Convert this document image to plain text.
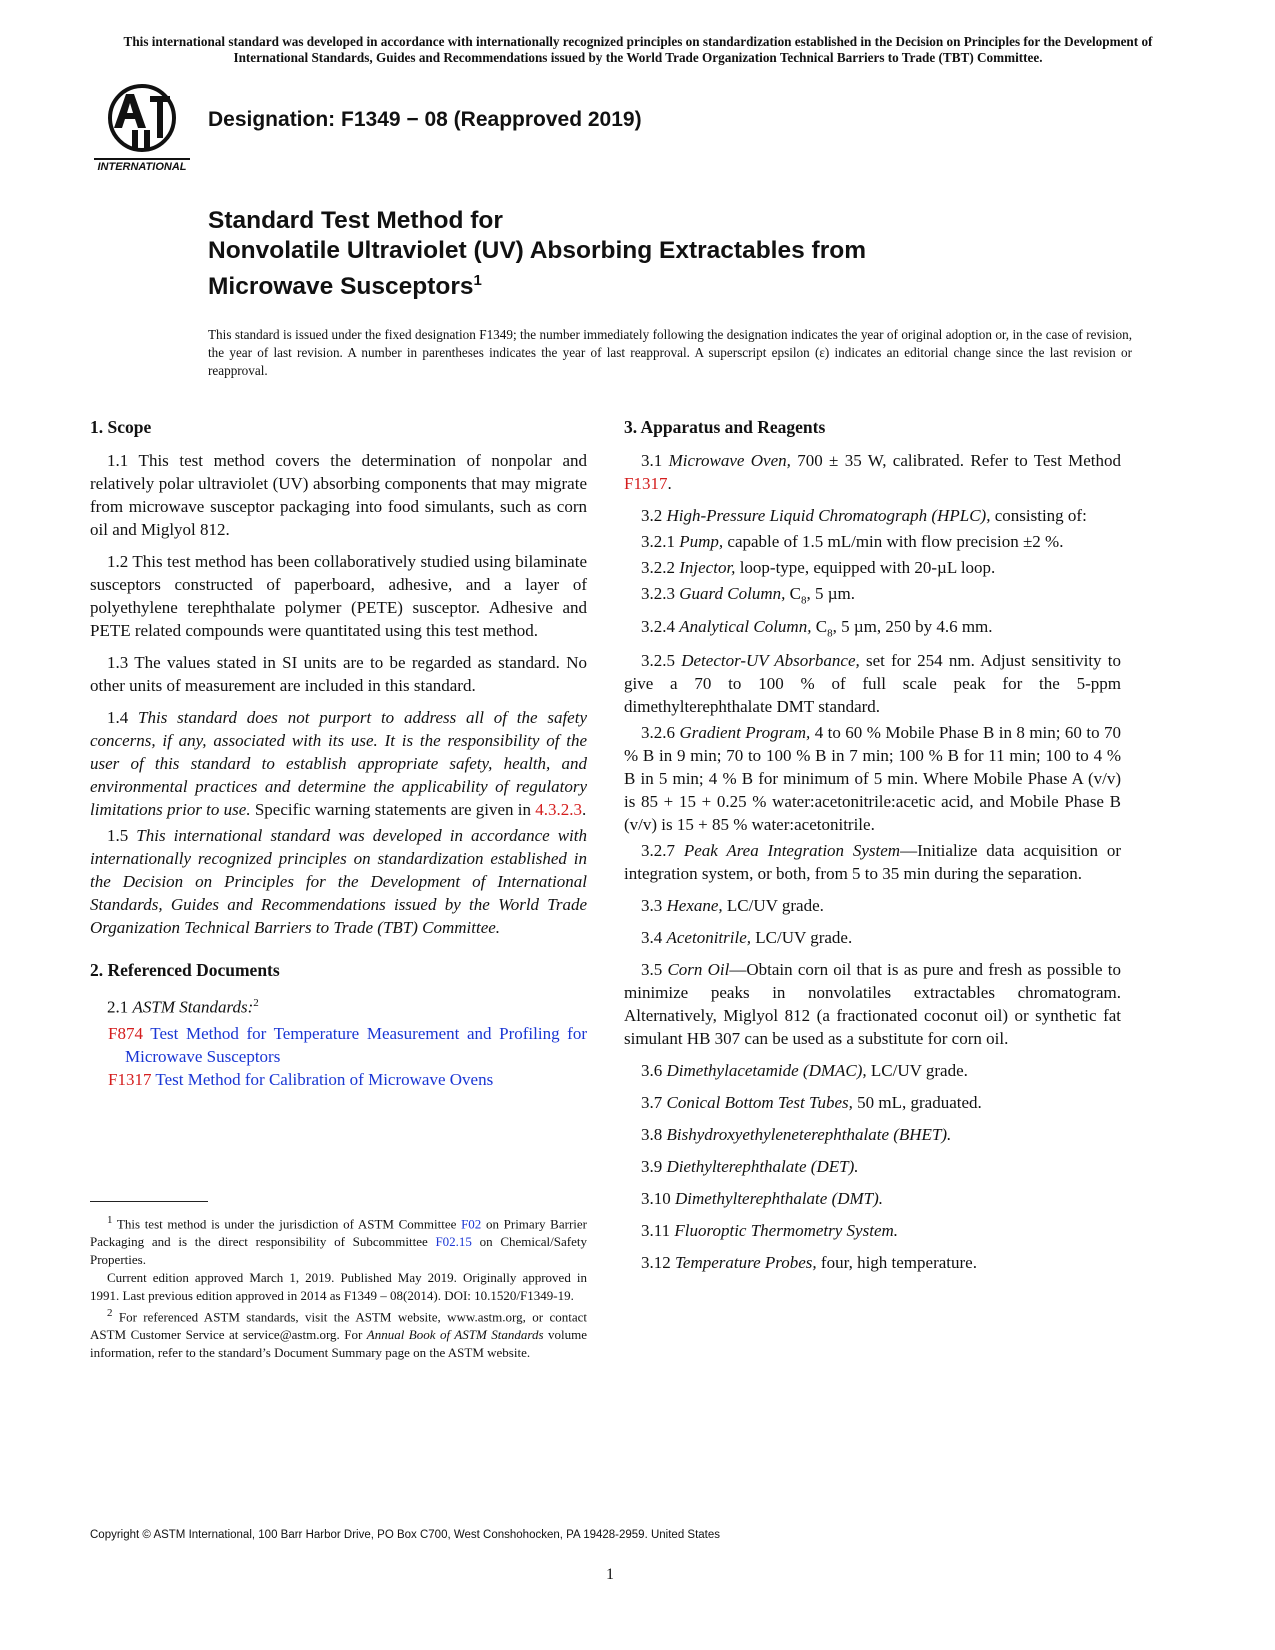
This international standard was developed in accordance with internationally recognized principles on standardization established in the Decision on Principles for the Development of International Standards, Guides and Recommendations issued by the World Trade Organization Technical Barriers to Trade (TBT) Committee.
INTERNATIONAL
Designation: F1349 − 08 (Reapproved 2019)
Standard Test Method for
Nonvolatile Ultraviolet (UV) Absorbing Extractables from
Microwave Susceptors$^1$
This standard is issued under the fixed designation F1349; the number immediately following the designation indicates the year of original adoption or, in the case of revision, the year of last revision. A number in parentheses indicates the year of last reapproval. A superscript epsilon (ε) indicates an editorial change since the last revision or reapproval.
1. Scope

1.1 This test method covers the determination of nonpolar and relatively polar ultraviolet (UV) absorbing components that may migrate from microwave susceptor packaging into food simulants, such as corn oil and Miglyol 812.

1.2 This test method has been collaboratively studied using bilaminate susceptors constructed of paperboard, adhesive, and a layer of polyethylene terephthalate polymer (PETE) susceptor. Adhesive and PETE related compounds were quantitated using this test method.

1.3 The values stated in SI units are to be regarded as standard. No other units of measurement are included in this standard.

1.4 This standard does not purport to address all of the safety concerns, if any, associated with its use. It is the responsibility of the user of this standard to establish appropriate safety, health, and environmental practices and determine the applicability of regulatory limitations prior to use. Specific warning statements are given in 4.3.2.3.

1.5 This international standard was developed in accordance with internationally recognized principles on standardization established in the Decision on Principles for the Development of International Standards, Guides and Recommendations issued by the World Trade Organization Technical Barriers to Trade (TBT) Committee.

2. Referenced Documents

2.1 ASTM Standards:$^2$

F874 Test Method for Temperature Measurement and Profiling for Microwave Susceptors

F1317 Test Method for Calibration of Microwave Ovens

$^1$ This test method is under the jurisdiction of ASTM Committee F02 on Primary Barrier Packaging and is the direct responsibility of Subcommittee F02.15 on Chemical/Safety Properties.

Current edition approved March 1, 2019. Published May 2019. Originally approved in 1991. Last previous edition approved in 2014 as F1349 – 08(2014). DOI: 10.1520/F1349-19.

$^2$ For referenced ASTM standards, visit the ASTM website, www.astm.org, or contact ASTM Customer Service at service@astm.org. For Annual Book of ASTM Standards volume information, refer to the standard’s Document Summary page on the ASTM website.

3. Apparatus and Reagents

3.1 Microwave Oven, 700 ± 35 W, calibrated. Refer to Test Method F1317.

3.2 High-Pressure Liquid Chromatograph (HPLC), consisting of:

3.2.1 Pump, capable of 1.5 mL/min with flow precision ±2 %.

3.2.2 Injector, loop-type, equipped with 20-µL loop.

3.2.3 Guard Column, $C_8$, 5 µm.

3.2.4 Analytical Column, $C_8$, 5 µm, 250 by 4.6 mm.

3.2.5 Detector-UV Absorbance, set for 254 nm. Adjust sensitivity to give a 70 to 100 % of full scale peak for the 5-ppm dimethylterephthalate DMT standard.

3.2.6 Gradient Program, 4 to 60 % Mobile Phase B in 8 min; 60 to 70 % B in 9 min; 70 to 100 % B in 7 min; 100 % B for 11 min; 100 to 4 % B in 5 min; 4 % B for minimum of 5 min. Where Mobile Phase A (v/v) is 85 + 15 + 0.25 % water:acetonitrile:acetic acid, and Mobile Phase B (v/v) is 15 + 85 % water:acetonitrile.

3.2.7 Peak Area Integration System—Initialize data acquisition or integration system, or both, from 5 to 35 min during the separation.

3.3 Hexane, LC/UV grade.

3.4 Acetonitrile, LC/UV grade.

3.5 Corn Oil—Obtain corn oil that is as pure and fresh as possible to minimize peaks in nonvolatiles extractables chromatogram. Alternatively, Miglyol 812 (a fractionated coconut oil) or synthetic fat simulant HB 307 can be used as a substitute for corn oil.

3.6 Dimethylacetamide (DMAC), LC/UV grade.

3.7 Conical Bottom Test Tubes, 50 mL, graduated.

3.8 Bishydroxyethyleneterephthalate (BHET).

3.9 Diethylterephthalate (DET).

3.10 Dimethylterephthalate (DMT).

3.11 Fluoroptic Thermometry System.

3.12 Temperature Probes, four, high temperature.

Copyright © ASTM International, 100 Barr Harbor Drive, PO Box C700, West Conshohocken, PA 19428-2959. United States
1
